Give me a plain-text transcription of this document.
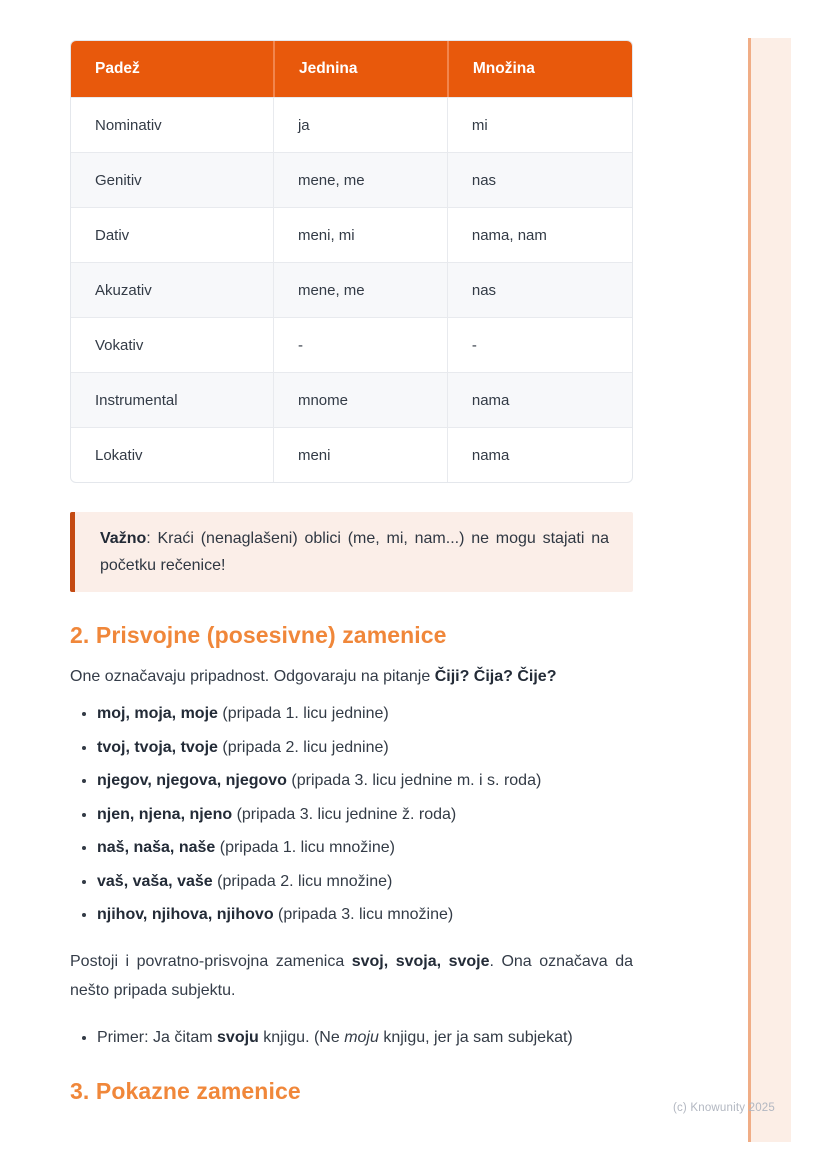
Padež	Jednina	Množina
Nominativ	ja	mi
Genitiv	mene, me	nas
Dativ	meni, mi	nama, nam
Akuzativ	mene, me	nas
Vokativ	-	-
Instrumental	mnome	nama
Lokativ	meni	nama
Važno: Kraći (nenaglašeni) oblici (me, mi, nam...) ne mogu stajati na početku rečenice!
2. Prisvojne (posesivne) zamenice

One označavaju pripadnost. Odgovaraju na pitanje Čiji? Čija? Čije?

• moj, moja, moje (pripada 1. licu jednine)
• tvoj, tvoja, tvoje (pripada 2. licu jednine)
• njegov, njegova, njegovo (pripada 3. licu jednine m. i s. roda)
• njen, njena, njeno (pripada 3. licu jednine ž. roda)
• naš, naša, naše (pripada 1. licu množine)
• vaš, vaša, vaše (pripada 2. licu množine)
• njihov, njihova, njihovo (pripada 3. licu množine)

Postoji i povratno-prisvojna zamenica svoj, svoja, svoje. Ona označava da nešto pripada subjektu.

• Primer: Ja čitam svoju knjigu. (Ne moju knjigu, jer ja sam subjekat)
3. Pokazne zamenice
(c) Knowunity 2025
